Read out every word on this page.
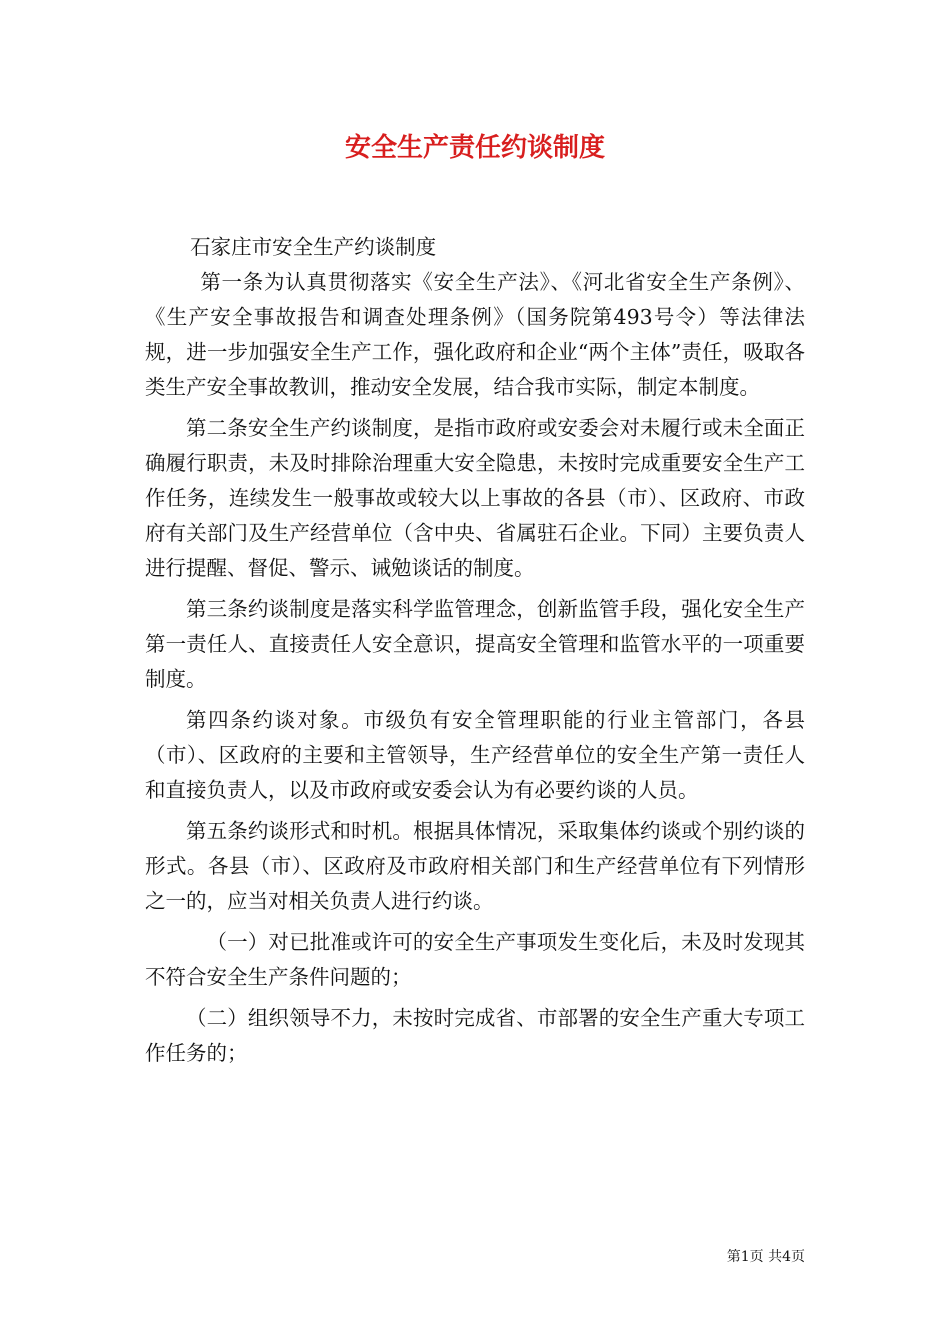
安全生产责任约谈制度

石家庄市安全生产约谈制度

第一条为认真贯彻落实《安全生产法》、《河北省安全生产条例》、《生产安全事故报告和调查处理条例》（国务院第493号令）等法律法规，进一步加强安全生产工作，强化政府和企业“两个主体”责任，吸取各类生产安全事故教训，推动安全发展，结合我市实际，制定本制度。

第二条安全生产约谈制度，是指市政府或安委会对未履行或未全面正确履行职责，未及时排除治理重大安全隐患，未按时完成重要安全生产工作任务，连续发生一般事故或较大以上事故的各县（市）、区政府、市政府有关部门及生产经营单位（含中央、省属驻石企业。下同）主要负责人进行提醒、督促、警示、诫勉谈话的制度。

第三条约谈制度是落实科学监管理念，创新监管手段，强化安全生产第一责任人、直接责任人安全意识，提高安全管理和监管水平的一项重要制度。

第四条约谈对象。市级负有安全管理职能的行业主管部门，各县（市）、区政府的主要和主管领导，生产经营单位的安全生产第一责任人和直接负责人，以及市政府或安委会认为有必要约谈的人员。

第五条约谈形式和时机。根据具体情况，采取集体约谈或个别约谈的形式。各县（市）、区政府及市政府相关部门和生产经营单位有下列情形之一的，应当对相关负责人进行约谈。

（一）对已批准或许可的安全生产事项发生变化后，未及时发现其不符合安全生产条件问题的；

（二）组织领导不力，未按时完成省、市部署的安全生产重大专项工作任务的；

第1页 共4页
